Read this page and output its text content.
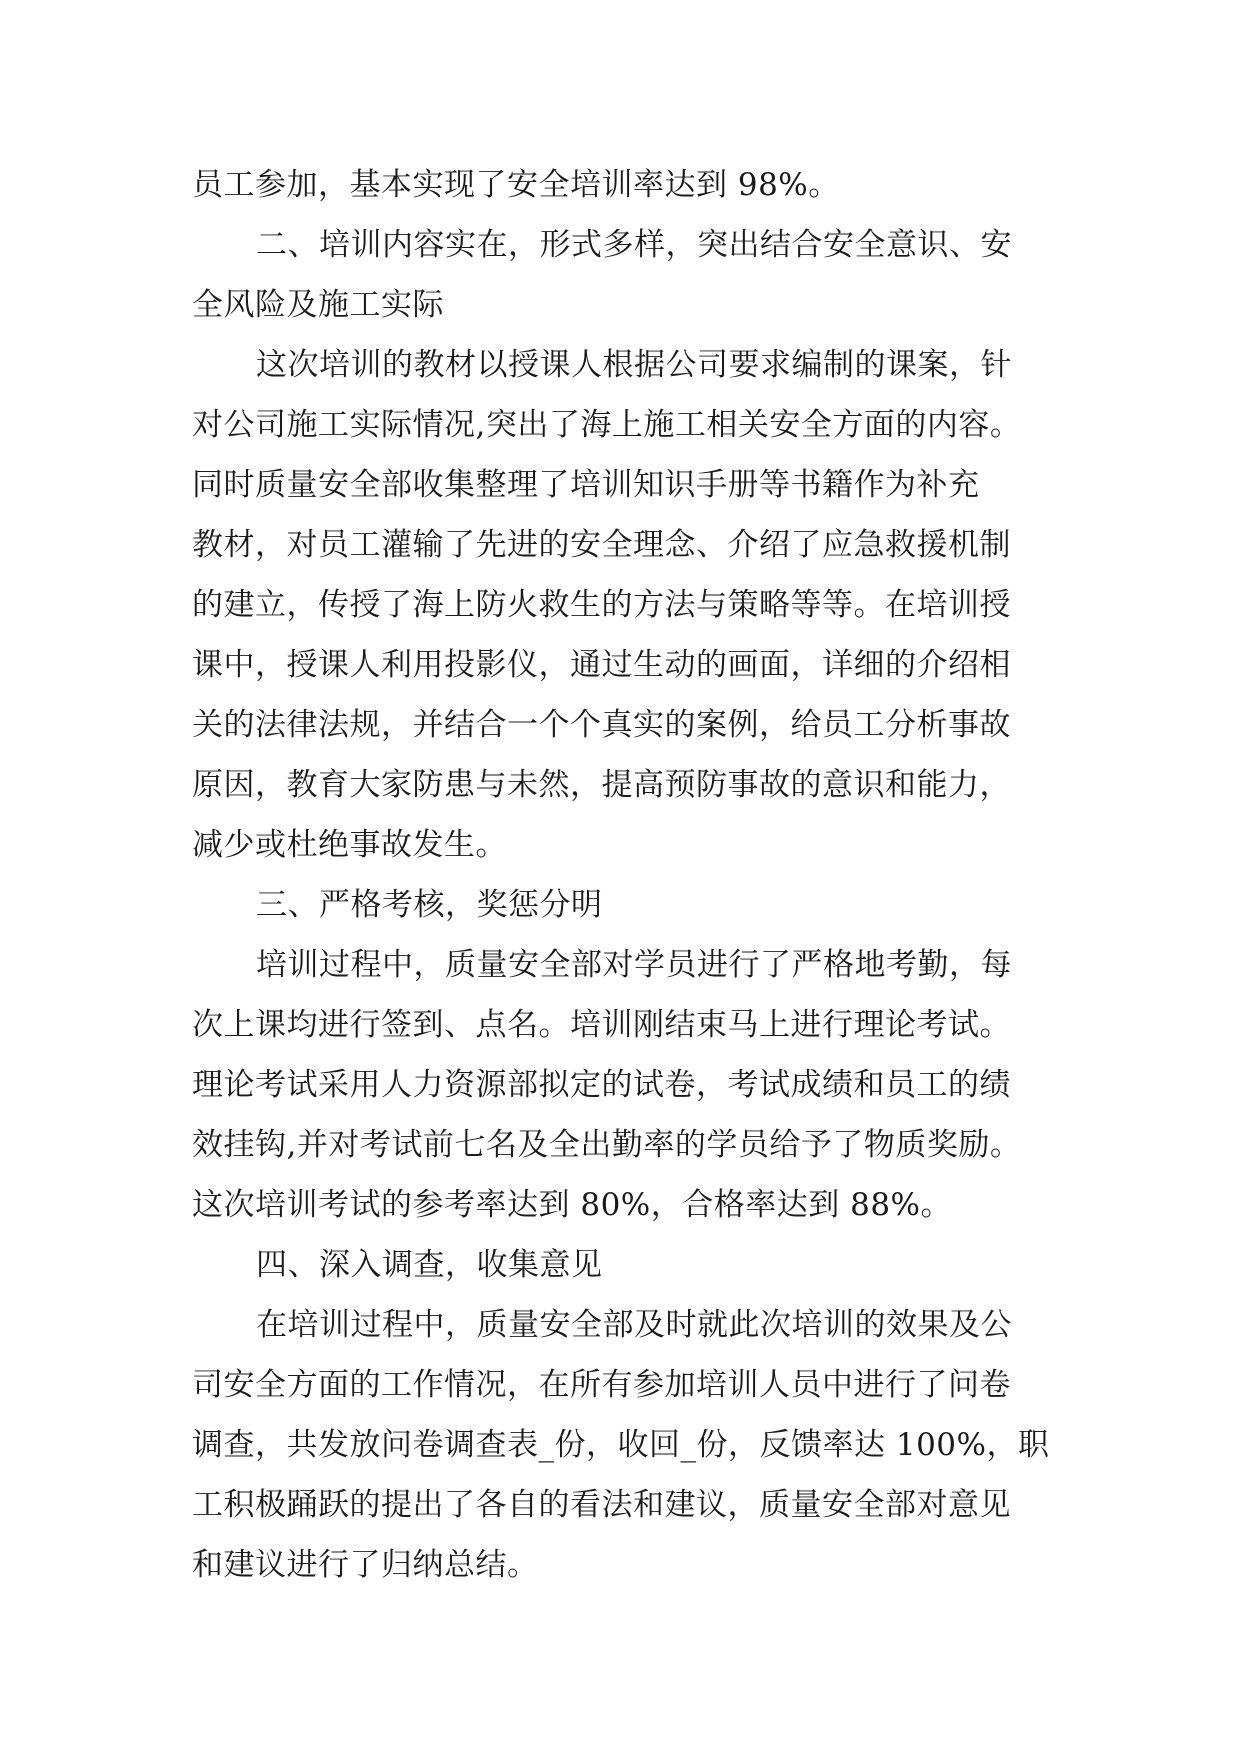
员工参加，基本实现了安全培训率达到 98%。
二、培训内容实在，形式多样，突出结合安全意识、安
全风险及施工实际
这次培训的教材以授课人根据公司要求编制的课案，针
对公司施工实际情况,突出了海上施工相关安全方面的内容。
同时质量安全部收集整理了培训知识手册等书籍作为补充
教材，对员工灌输了先进的安全理念、介绍了应急救援机制
的建立，传授了海上防火救生的方法与策略等等。在培训授
课中，授课人利用投影仪，通过生动的画面，详细的介绍相
关的法律法规，并结合一个个真实的案例，给员工分析事故
原因，教育大家防患与未然，提高预防事故的意识和能力，
减少或杜绝事故发生。
三、严格考核，奖惩分明
培训过程中，质量安全部对学员进行了严格地考勤，每
次上课均进行签到、点名。培训刚结束马上进行理论考试。
理论考试采用人力资源部拟定的试卷，考试成绩和员工的绩
效挂钩,并对考试前七名及全出勤率的学员给予了物质奖励。
这次培训考试的参考率达到 80%，合格率达到 88%。
四、深入调查，收集意见
在培训过程中，质量安全部及时就此次培训的效果及公
司安全方面的工作情况，在所有参加培训人员中进行了问卷
调查，共发放问卷调查表_份，收回_份，反馈率达 100%，职
工积极踊跃的提出了各自的看法和建议，质量安全部对意见
和建议进行了归纳总结。
